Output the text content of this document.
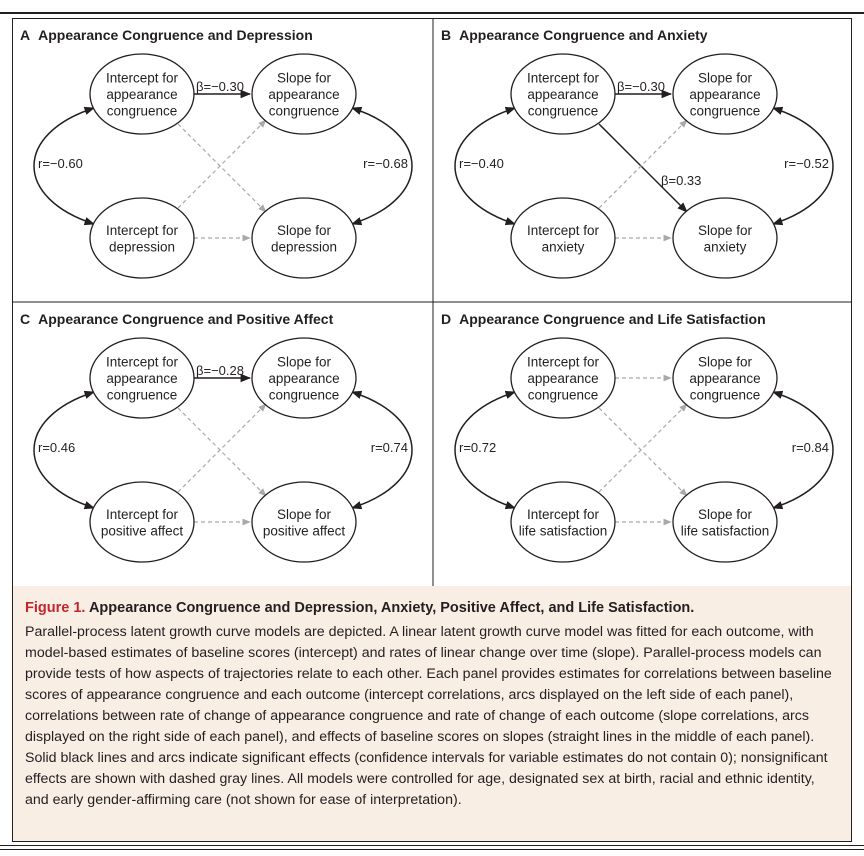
A Appearance Congruence and Depression
Intercept for
appearance
congruence
Slope for
appearance
congruence
Intercept for
depression
Slope for
depression
β=−0.30
r=−0.60	r=−0.68
B Appearance Congruence and Anxiety
Intercept for
appearance
congruence
Slope for
appearance
congruence
Intercept for
anxiety
Slope for
anxiety
β=−0.30
β=0.33
r=−0.40	r=−0.52
C Appearance Congruence and Positive Affect
Intercept for
appearance
congruence
Slope for
appearance
congruence
Intercept for
positive affect
Slope for
positive affect
β=−0.28
r=0.46	r=0.74
D Appearance Congruence and Life Satisfaction
Intercept for
appearance
congruence
Slope for
appearance
congruence
Intercept for
life satisfaction
Slope for
life satisfaction
r=0.72	r=0.84

Figure 1. Appearance Congruence and Depression, Anxiety, Positive Affect, and Life Satisfaction.

Parallel-process latent growth curve models are depicted. A linear latent growth curve model was fitted for each outcome, with model-based estimates of baseline scores (intercept) and rates of linear change over time (slope). Parallel-process models can provide tests of how aspects of trajectories relate to each other. Each panel provides estimates for correlations between baseline scores of appearance congruence and each outcome (intercept correlations, arcs displayed on the left side of each panel), correlations between rate of change of appearance congruence and rate of change of each outcome (slope correlations, arcs displayed on the right side of each panel), and effects of baseline scores on slopes (straight lines in the middle of each panel). Solid black lines and arcs indicate significant effects (confidence intervals for variable estimates do not contain 0); nonsignificant effects are shown with dashed gray lines. All models were controlled for age, designated sex at birth, racial and ethnic identity, and early gender-affirming care (not shown for ease of interpretation).
